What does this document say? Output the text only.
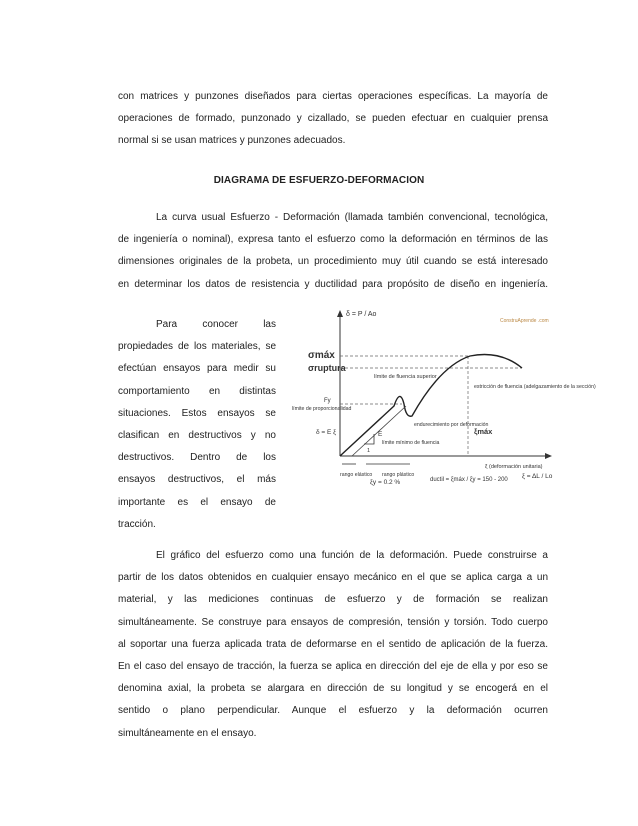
con matrices y punzones diseñados para ciertas operaciones específicas. La mayoría de
operaciones de formado, punzonado y cizallado, se pueden efectuar en cualquier prensa
normal si se usan matrices y punzones adecuados.
DIAGRAMA DE ESFUERZO-DEFORMACION
La curva usual Esfuerzo - Deformación (llamada también convencional, tecnológica,
de ingeniería o nominal), expresa tanto el esfuerzo como la deformación en términos de las
dimensiones originales de la probeta, un procedimiento muy útil cuando se está interesado
en determinar los datos de resistencia y ductilidad para propósito de diseño en ingeniería.
Para conocer las
propiedades de los materiales, se
efectúan ensayos para medir su
comportamiento en distintas
situaciones. Estos ensayos se
clasifican en destructivos y no
destructivos. Dentro de los
ensayos destructivos, el más
importante es el ensayo de
tracción.
δ = P / Ao
σmáx
σruptura
límite de fluencia superior
Fy
límite de proporcionalidad
δ = E ξ	E
1
endurecimiento por deformación
límite mínimo de fluencia
estricción de fluencia (adelgazamiento de la sección)
ξmáx
rango elástico rango plástico
ξy = 0.2 %
ξ (deformación unitaria)
ξ = ΔL / Lo
ductil = ξmáx / ξy = 150 - 200
ConstruAprende .com
El gráfico del esfuerzo como una función de la deformación. Puede construirse a
partir de los datos obtenidos en cualquier ensayo mecánico en el que se aplica carga a un
material, y las mediciones continuas de esfuerzo y de formación se realizan
simultáneamente. Se construye para ensayos de compresión, tensión y torsión. Todo cuerpo
al soportar una fuerza aplicada trata de deformarse en el sentido de aplicación de la fuerza.
En el caso del ensayo de tracción, la fuerza se aplica en dirección del eje de ella y por eso se
denomina axial, la probeta se alargara en dirección de su longitud y se encogerá en el
sentido o plano perpendicular. Aunque el esfuerzo y la deformación ocurren
simultáneamente en el ensayo.
